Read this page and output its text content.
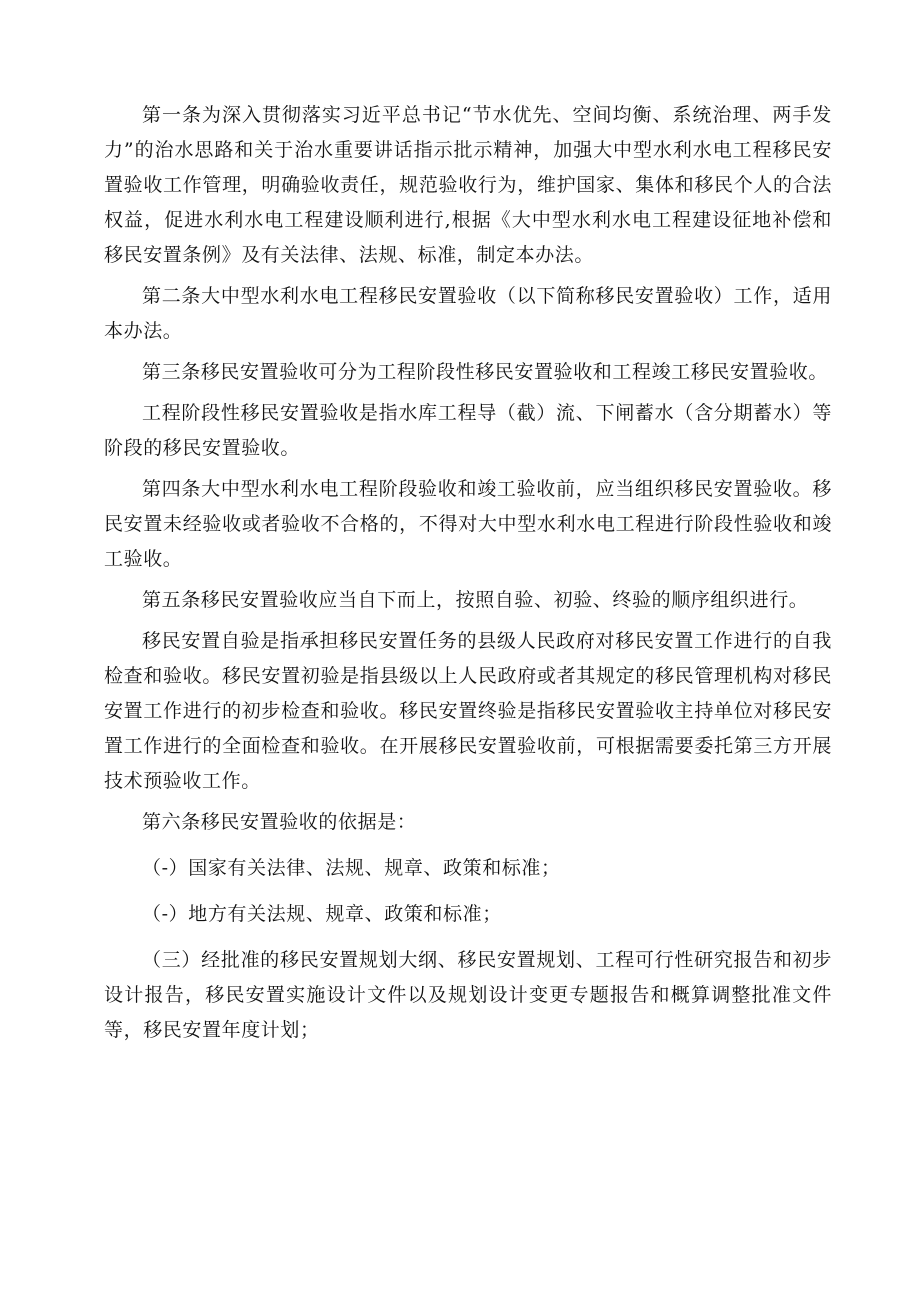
第一条为深入贯彻落实习近平总书记“节水优先、空间均衡、系统治理、两手发力”的治水思路和关于治水重要讲话指示批示精神，加强大中型水利水电工程移民安置验收工作管理，明确验收责任，规范验收行为，维护国家、集体和移民个人的合法权益，促进水利水电工程建设顺利进行,根据《大中型水利水电工程建设征地补偿和移民安置条例》及有关法律、法规、标准，制定本办法。

第二条大中型水利水电工程移民安置验收（以下简称移民安置验收）工作，适用本办法。

第三条移民安置验收可分为工程阶段性移民安置验收和工程竣工移民安置验收。

工程阶段性移民安置验收是指水库工程导（截）流、下闸蓄水（含分期蓄水）等阶段的移民安置验收。

第四条大中型水利水电工程阶段验收和竣工验收前，应当组织移民安置验收。移民安置未经验收或者验收不合格的，不得对大中型水利水电工程进行阶段性验收和竣工验收。

第五条移民安置验收应当自下而上，按照自验、初验、终验的顺序组织进行。

移民安置自验是指承担移民安置任务的县级人民政府对移民安置工作进行的自我检查和验收。移民安置初验是指县级以上人民政府或者其规定的移民管理机构对移民安置工作进行的初步检查和验收。移民安置终验是指移民安置验收主持单位对移民安置工作进行的全面检查和验收。在开展移民安置验收前，可根据需要委托第三方开展技术预验收工作。

第六条移民安置验收的依据是：

（-）国家有关法律、法规、规章、政策和标准；

（-）地方有关法规、规章、政策和标准；

（三）经批准的移民安置规划大纲、移民安置规划、工程可行性研究报告和初步设计报告，移民安置实施设计文件以及规划设计变更专题报告和概算调整批准文件等，移民安置年度计划；
